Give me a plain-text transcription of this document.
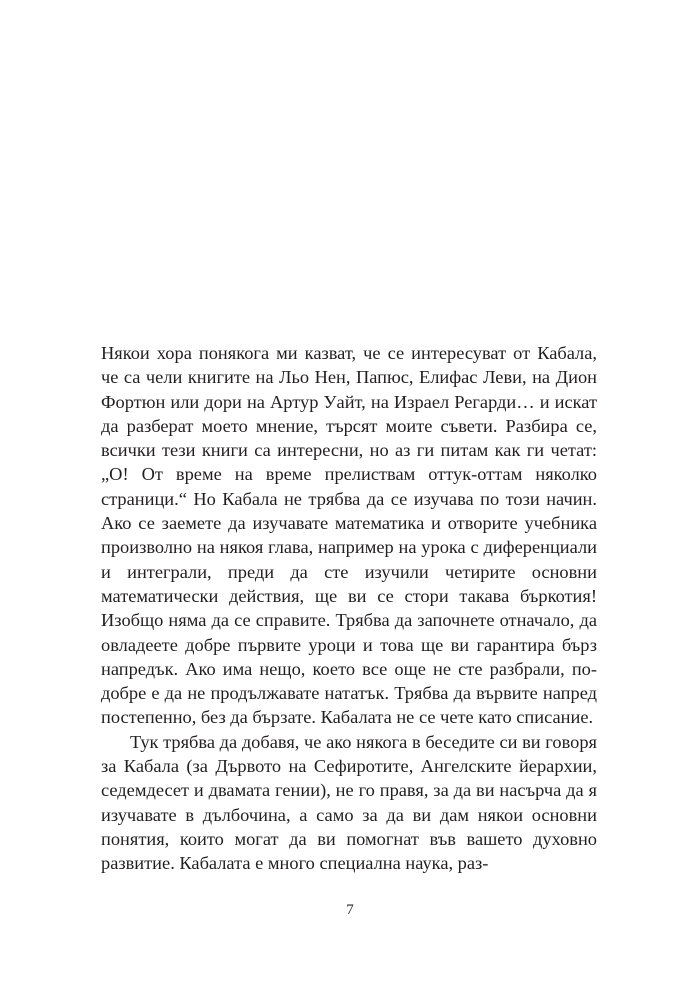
Някои хора понякога ми казват, че се интересуват от Кабала, че са чели книгите на Льо Нен, Папюс, Елифас Леви, на Дион Фортюн или дори на Артур Уайт, на Израел Регарди… и искат да разберат моето мнение, търсят моите съвети. Разбира се, всички тези книги са интересни, но аз ги питам как ги четат: „О! От време на време прелиствам оттук-оттам няколко страници.“ Но Кабала не трябва да се изучава по този начин. Ако се заемете да изучавате математика и отворите учебника произволно на някоя глава, например на урока с диференциали и интеграли, преди да сте изучили четирите основни математически действия, ще ви се стори такава бъркотия! Изобщо няма да се справите. Трябва да започнете отначало, да овладеете добре първите уроци и това ще ви гарантира бърз напредък. Ако има нещо, което все още не сте разбрали, по-добре е да не продължавате нататък. Трябва да вървите напред постепенно, без да бързате. Кабалата не се чете като списание.

Тук трябва да добавя, че ако някога в беседите си ви говоря за Кабала (за Дървото на Сефиротите, Ангелските йерархии, седемдесет и двамата гении), не го правя, за да ви насърча да я изучавате в дълбочина, а само за да ви дам някои основни понятия, които могат да ви помогнат във вашето духовно развитие. Кабалата е много специална наука, раз-

7
